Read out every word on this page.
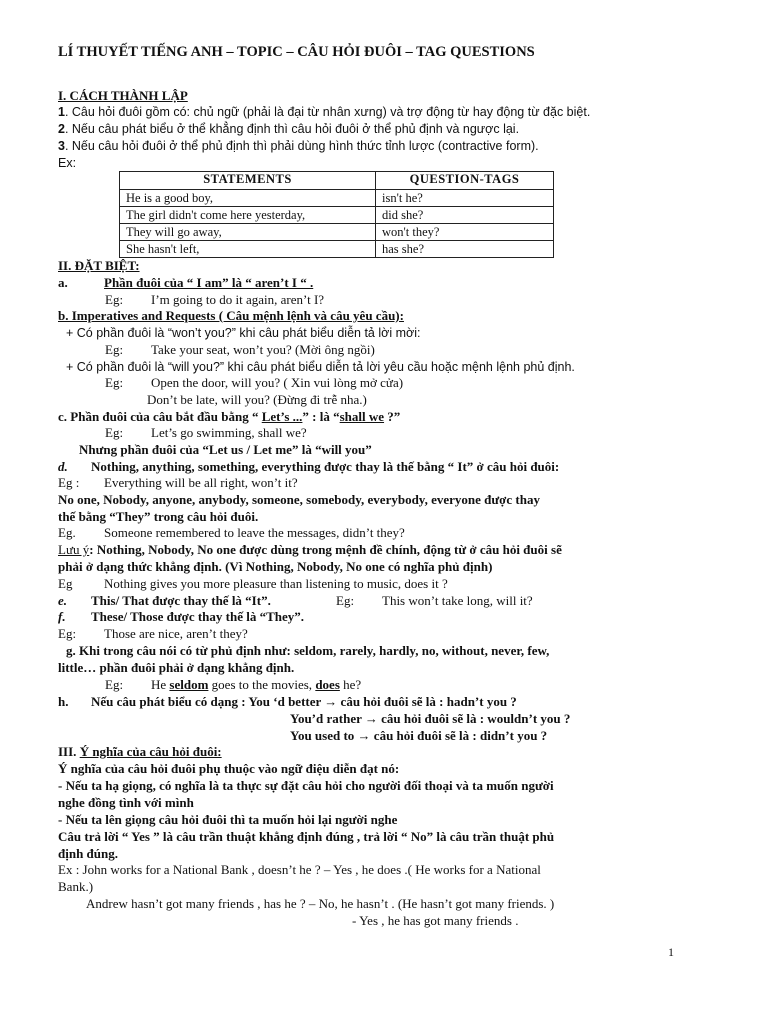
LÍ THUYẾT TIẾNG ANH – TOPIC – CÂU HỎI ĐUÔI – TAG QUESTIONS
I. CÁCH THÀNH LẬP
1. Câu hỏi đuôi gồm có: chủ ngữ (phải là đại từ nhân xưng) và trợ động từ hay động từ đặc biệt.
2. Nếu câu phát biểu ở thể khẳng định thì câu hỏi đuôi ở thể phủ định và ngược lại.
3. Nếu câu hỏi đuôi ở thể phủ định thì phải dùng hình thức tỉnh lược (contractive form).
Ex:
STATEMENTS	QUESTION-TAGS
He is a good boy,	isn't he?
The girl didn't come here yesterday,	did she?
They will go away,	won't they?
She hasn't left,	has she?
II. ĐẶT BIỆT:
a.	Phần đuôi của “ I am” là “ aren’t I “ .
Eg: I’m going to do it again, aren’t I?
b. Imperatives and Requests ( Câu mệnh lệnh và câu yêu cầu):
+ Có phần đuôi là “won’t you?” khi câu phát biểu diễn tả lời mời:
Eg: Take your seat, won’t you? (Mời ông ngồi)
+ Có phần đuôi là “will you?” khi câu phát biểu diễn tả lời yêu cầu hoặc mệnh lệnh phủ định.
Eg: Open the door, will you? ( Xin vui lòng mở cửa)
Don’t be late, will you? (Đừng đi trễ nha.)
c. Phần đuôi của câu bắt đầu bằng “ Let’s ...” : là “shall we ?”
Eg: Let’s go swimming, shall we?
Nhưng phần đuôi của “Let us / Let me” là “will you”
d. Nothing, anything, something, everything được thay là thế bằng “ It” ở câu hỏi đuôi:
Eg : Everything will be all right, won’t it?
No one, Nobody, anyone, anybody, someone, somebody, everybody, everyone được thay
thế bằng “They” trong câu hỏi đuôi.
Eg. Someone remembered to leave the messages, didn’t they?
Lưu ý: Nothing, Nobody, No one được dùng trong mệnh đề chính, động từ ở câu hỏi đuôi sẽ
phải ở dạng thức khẳng định. (Vì Nothing, Nobody, No one có nghĩa phủ định)
Eg Nothing gives you more pleasure than listening to music, does it ?
e. This/ That được thay thế là “It”.	Eg: This won’t take long, will it?
f. These/ Those được thay thế là “They”.
Eg: Those are nice, aren’t they?
g. Khi trong câu nói có từ phủ định như: seldom, rarely, hardly, no, without, never, few,
little… phần đuôi phải ở dạng khẳng định.
Eg: He seldom goes to the movies, does he?
h. Nếu câu phát biểu có dạng : You ‘d better → câu hỏi đuôi sẽ là : hadn’t you ?
You’d rather → câu hỏi đuôi sẽ là : wouldn’t you ?
You used to → câu hỏi đuôi sẽ là : didn’t you ?
III. Ý nghĩa của câu hỏi đuôi:
Ý nghĩa của câu hỏi đuôi phụ thuộc vào ngữ điệu diễn đạt nó:
- Nếu ta hạ giọng, có nghĩa là ta thực sự đặt câu hỏi cho người đối thoại và ta muốn người
nghe đồng tình với mình
- Nếu ta lên giọng câu hỏi đuôi thì ta muốn hỏi lại người nghe
Câu trả lời “ Yes ” là câu trần thuật khẳng định đúng , trả lời “ No” là câu trần thuật phủ
định đúng.
Ex : John works for a National Bank , doesn’t he ? – Yes , he does .( He works for a National
Bank.)
Andrew hasn’t got many friends , has he ? – No, he hasn’t . (He hasn’t got many friends. )
- Yes , he has got many friends .
1
